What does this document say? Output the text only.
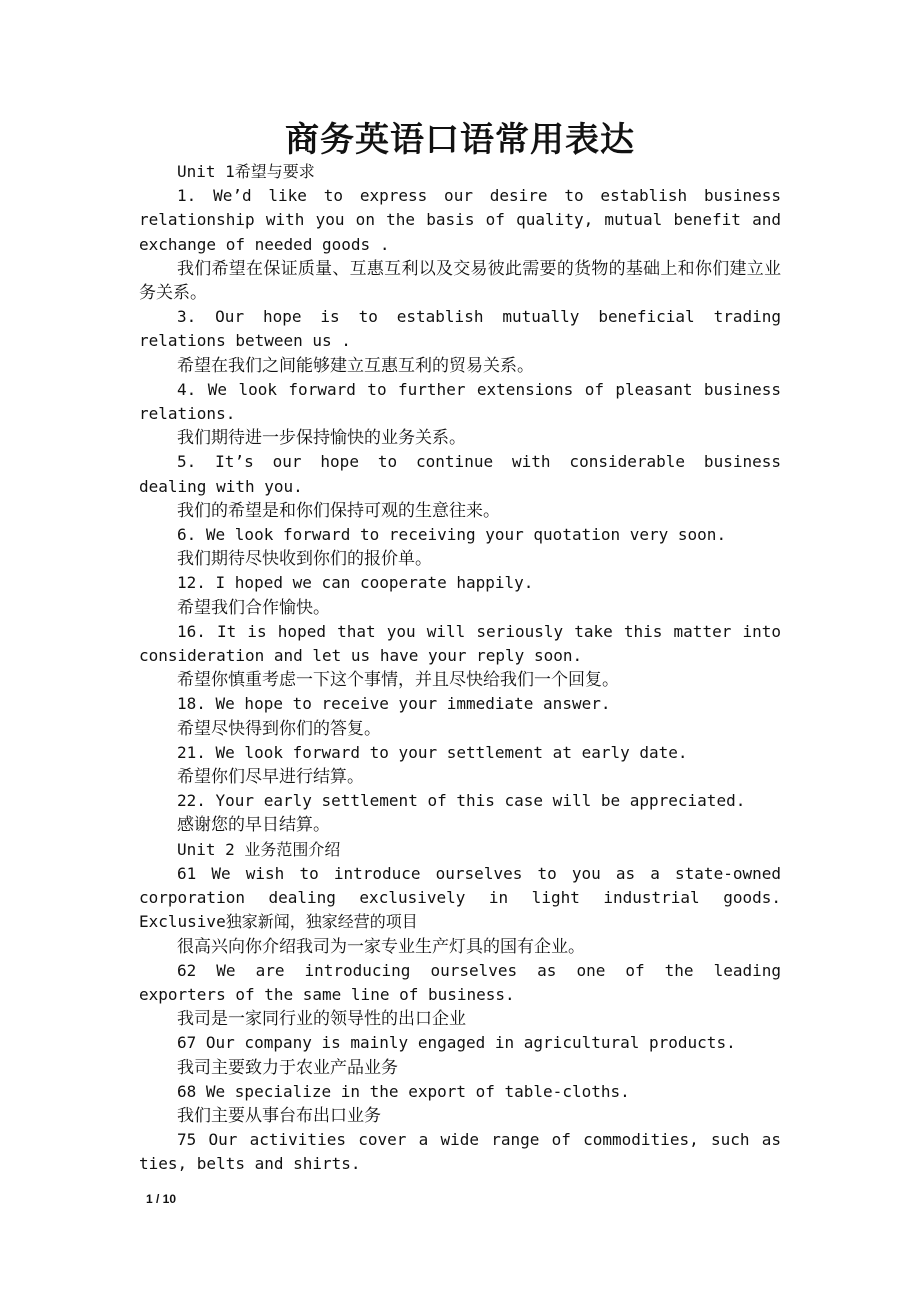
商务英语口语常用表达

Unit 1希望与要求

1. We’d like to express our desire to establish business relationship with you on the basis of quality, mutual benefit and exchange of needed goods .

我们希望在保证质量、互惠互利以及交易彼此需要的货物的基础上和你们建立业务关系。

3. Our hope is to establish mutually beneficial trading relations between us .

希望在我们之间能够建立互惠互利的贸易关系。

4. We look forward to further extensions of pleasant business relations.

我们期待进一步保持愉快的业务关系。

5. It’s our hope to continue with considerable business dealing with you.

我们的希望是和你们保持可观的生意往来。

6. We look forward to receiving your quotation very soon.

我们期待尽快收到你们的报价单。

12. I hoped we can cooperate happily.

希望我们合作愉快。

16. It is hoped that you will seriously take this matter into consideration and let us have your reply soon.

希望你慎重考虑一下这个事情，并且尽快给我们一个回复。

18. We hope to receive your immediate answer.

希望尽快得到你们的答复。

21. We look forward to your settlement at early date.

希望你们尽早进行结算。

22. Your early settlement of this case will be appreciated.

感谢您的早日结算。

Unit 2 业务范围介绍

61 We wish to introduce ourselves to you as a state-owned corporation dealing exclusively in light industrial goods. Exclusive独家新闻，独家经营的项目

很高兴向你介绍我司为一家专业生产灯具的国有企业。

62 We are introducing ourselves as one of the leading exporters of the same line of business.

我司是一家同行业的领导性的出口企业

67 Our company is mainly engaged in agricultural products.

我司主要致力于农业产品业务

68 We specialize in the export of table-cloths.

我们主要从事台布出口业务

75 Our activities cover a wide range of commodities, such as ties, belts and shirts.

1 / 10
